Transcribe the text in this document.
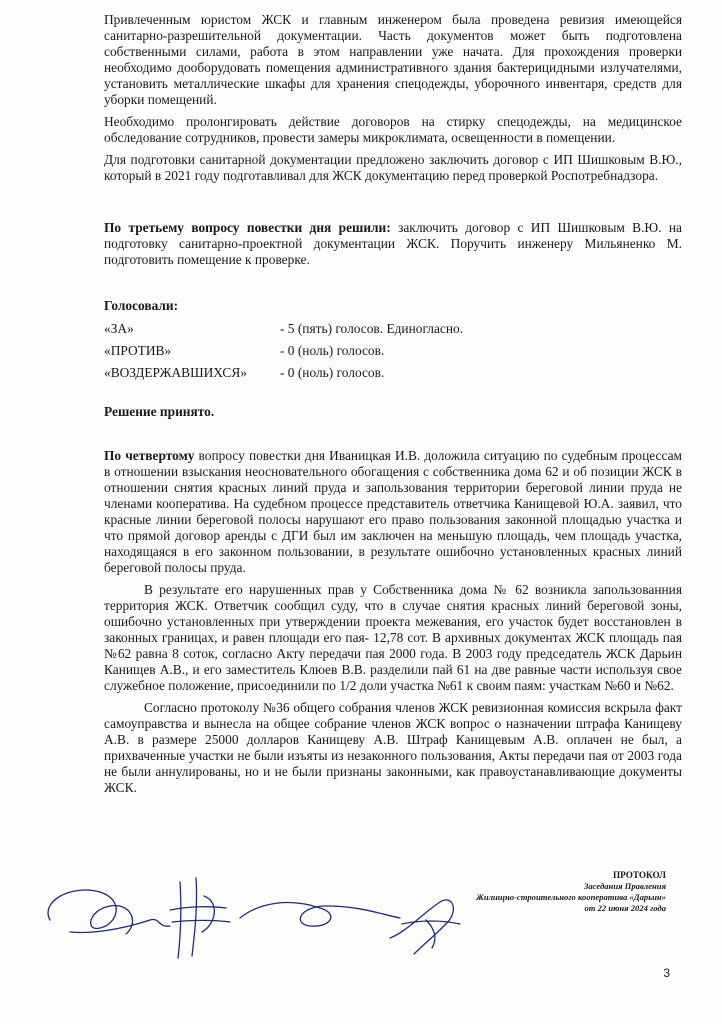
Привлеченным юристом ЖСК и главным инженером была проведена ревизия имеющейся санитарно-разрешительной документации. Часть документов может быть подготовлена собственными силами, работа в этом направлении уже начата. Для прохождения проверки необходимо дооборудовать помещения административного здания бактерицидными излучателями, установить металлические шкафы для хранения спецодежды, уборочного инвентаря, средств для уборки помещений.

Необходимо пролонгировать действие договоров на стирку спецодежды, на медицинское обследование сотрудников, провести замеры микроклимата, освещенности в помещении.

Для подготовки санитарной документации предложено заключить договор с ИП Шишковым В.Ю., который в 2021 году подготавливал для ЖСК документацию перед проверкой Роспотребнадзора.

По третьему вопросу повестки дня решили: заключить договор с ИП Шишковым В.Ю. на подготовку санитарно-проектной документации ЖСК. Поручить инженеру Мильяненко М. подготовить помещение к проверке.

Голосовали:
«ЗА»	- 5 (пять) голосов. Единогласно.
«ПРОТИВ»	- 0 (ноль) голосов.
«ВОЗДЕРЖАВШИХСЯ»	- 0 (ноль) голосов.

Решение принято.

По четвертому вопросу повестки дня Иваницкая И.В. доложила ситуацию по судебным процессам в отношении взыскания неосновательного обогащения с собственника дома 62 и об позиции ЖСК в отношении снятия красных линий пруда и запользования территории береговой линии пруда не членами кооператива. На судебном процессе представитель ответчика Канищевой Ю.А. заявил, что красные линии береговой полосы нарушают его право пользования законной площадью участка и что прямой договор аренды с ДГИ был им заключен на меньшую площадь, чем площадь участка, находящаяся в его законном пользовании, в результате ошибочно установленных красных линий береговой полосы пруда.

В результате его нарушенных прав у Собственника дома № 62 возникла запользованния территория ЖСК. Ответчик сообщил суду, что в случае снятия красных линий береговой зоны, ошибочно установленных при утверждении проекта межевания, его участок будет восстановлен в законных границах, и равен площади его пая- 12,78 сот. В архивных документах ЖСК площадь пая №62 равна 8 соток, согласно Акту передачи пая 2000 года. В 2003 году председатель ЖСК Дарьин Канищев А.В., и его заместитель Клюев В.В. разделили пай 61 на две равные части используя свое служебное положение, присоединили по 1/2 доли участка №61 к своим паям: участкам №60 и №62.

Согласно протоколу №36 общего собрания членов ЖСК ревизионная комиссия вскрыла факт самоуправства и вынесла на общее собрание членов ЖСК вопрос о назначении штрафа Канищеву А.В. в размере 25000 долларов Канищеву А.В. Штраф Канищевым А.В. оплачен не был, а прихваченные участки не были изъяты из незаконного пользования, Акты передачи пая от 2003 года не были аннулированы, но и не были признаны законными, как правоустанавливающие документы ЖСК.

ПРОТОКОЛ
Заседания Правления
Жилищно-строительного кооператива «Дарьин»
от 22 июня 2024 года
3
